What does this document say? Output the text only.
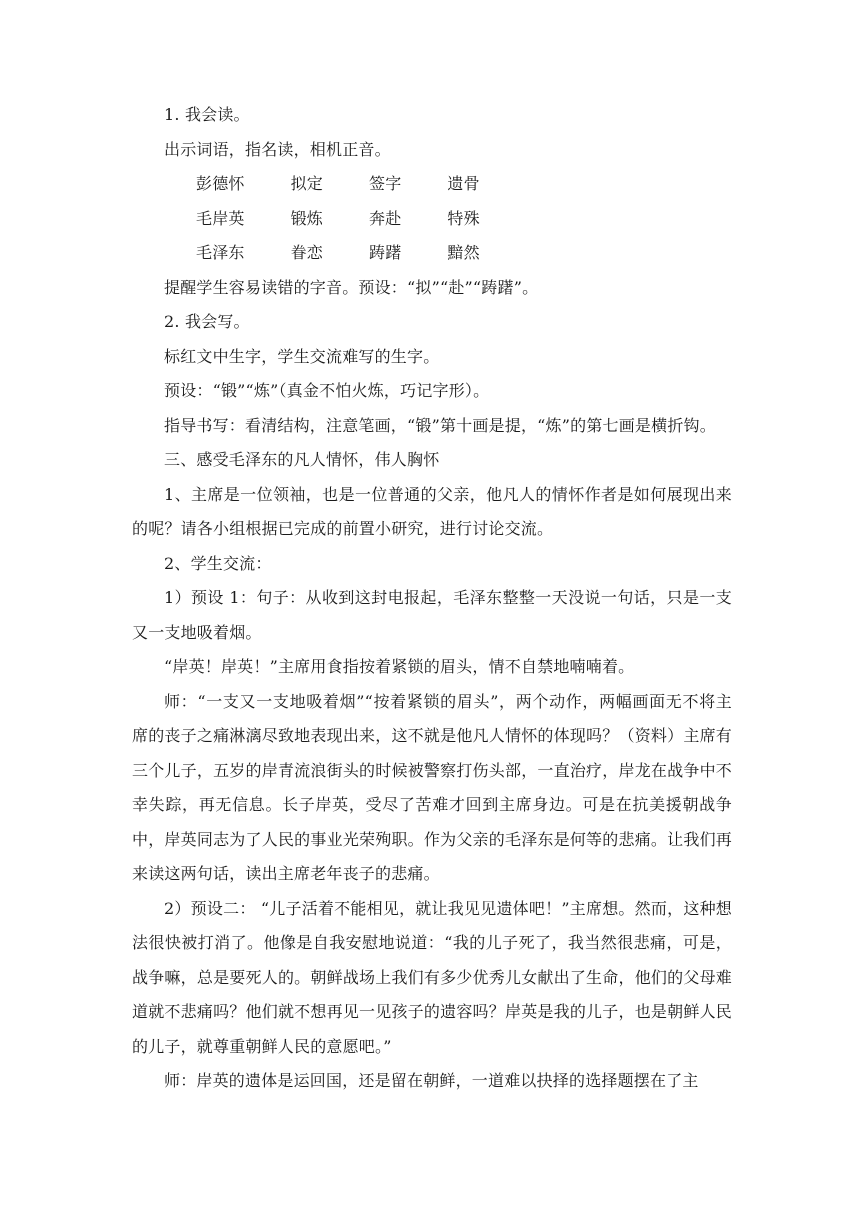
1. 我会读。

出示词语，指名读，相机正音。

彭德怀	拟定	签字	遗骨

毛岸英	锻炼	奔赴	特殊

毛泽东	眷恋	踌躇	黯然

提醒学生容易读错的字音。预设：“拟”“赴”“踌躇”。

2. 我会写。

标红文中生字，学生交流难写的生字。

预设：“锻”“炼”（真金不怕火炼，巧记字形）。

指导书写：看清结构，注意笔画，“锻”第十画是提，“炼”的第七画是横折钩。

三、感受毛泽东的凡人情怀，伟人胸怀

1、主席是一位领袖，也是一位普通的父亲，他凡人的情怀作者是如何展现出来的呢？请各小组根据已完成的前置小研究，进行讨论交流。

2、学生交流：

1）预设 1：句子：从收到这封电报起，毛泽东整整一天没说一句话，只是一支又一支地吸着烟。

“岸英！岸英！”主席用食指按着紧锁的眉头，情不自禁地喃喃着。

师：“一支又一支地吸着烟”“按着紧锁的眉头”，两个动作，两幅画面无不将主席的丧子之痛淋漓尽致地表现出来，这不就是他凡人情怀的体现吗？（资料）主席有三个儿子，五岁的岸青流浪街头的时候被警察打伤头部，一直治疗，岸龙在战争中不幸失踪，再无信息。长子岸英，受尽了苦难才回到主席身边。可是在抗美援朝战争中，岸英同志为了人民的事业光荣殉职。作为父亲的毛泽东是何等的悲痛。让我们再来读这两句话，读出主席老年丧子的悲痛。

2）预设二： “儿子活着不能相见，就让我见见遗体吧！”主席想。然而，这种想法很快被打消了。他像是自我安慰地说道：“我的儿子死了，我当然很悲痛，可是，战争嘛，总是要死人的。朝鲜战场上我们有多少优秀儿女献出了生命，他们的父母难道就不悲痛吗？他们就不想再见一见孩子的遗容吗？岸英是我的儿子，也是朝鲜人民的儿子，就尊重朝鲜人民的意愿吧。”

师：岸英的遗体是运回国，还是留在朝鲜，一道难以抉择的选择题摆在了主
